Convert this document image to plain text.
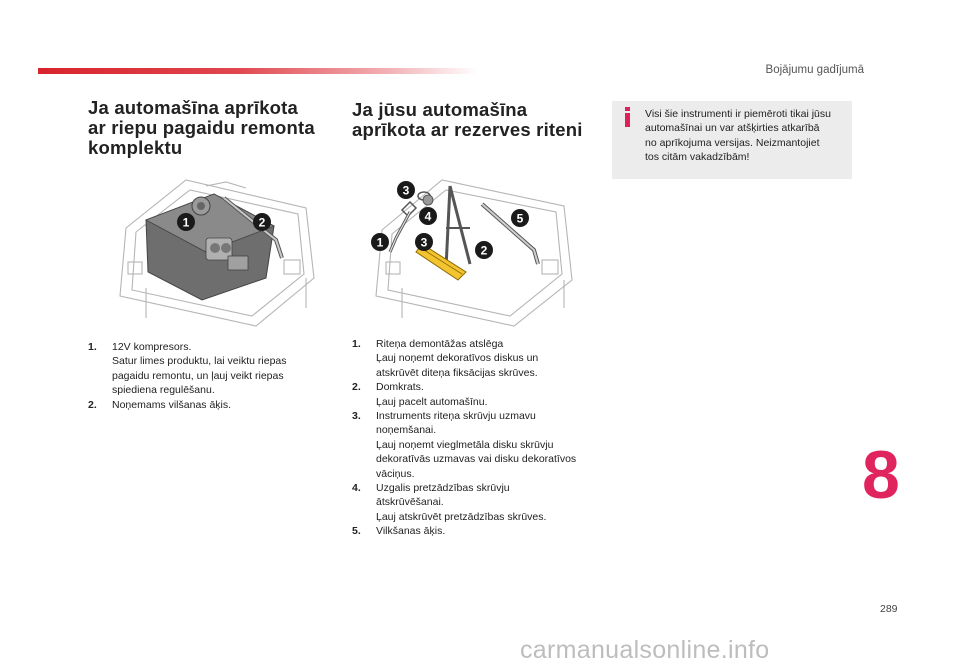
Bojājumu gadījumā
Ja automašīna aprīkota
ar riepu pagaidu remonta
komplektu
1	2
1. 12V kompresors.
Satur limes produktu, lai veiktu riepas
pagaidu remontu, un ļauj veikt riepas
spiediena regulēšanu.
2. Noņemams vilšanas āķis.
Ja jūsu automašīna
aprīkota ar rezerves riteni
3
4	5
1	3
2
1. Riteņa demontāžas atslēga
Ļauj noņemt dekoratīvos diskus un
atskrūvēt diteņa fiksācijas skrūves.
2. Domkrats.
Ļauj pacelt automašīnu.
3. Instruments riteņa skrūvju uzmavu
noņemšanai.
Ļauj noņemt vieglmetāla disku skrūvju
dekoratīvās uzmavas vai disku dekoratīvos
vāciņus.
4. Uzgalis pretzādzības skrūvju
ātskrūvēšanai.
Ļauj atskrūvēt pretzādzības skrūves.
5. Vilkšanas āķis.
Visi šie instrumenti ir piemēroti tikai jūsu
automašīnai un var atšķirties atkarībā
no aprīkojuma versijas. Neizmantojiet
tos citām vakadzībām!
8
289
carmanualsonline.info
